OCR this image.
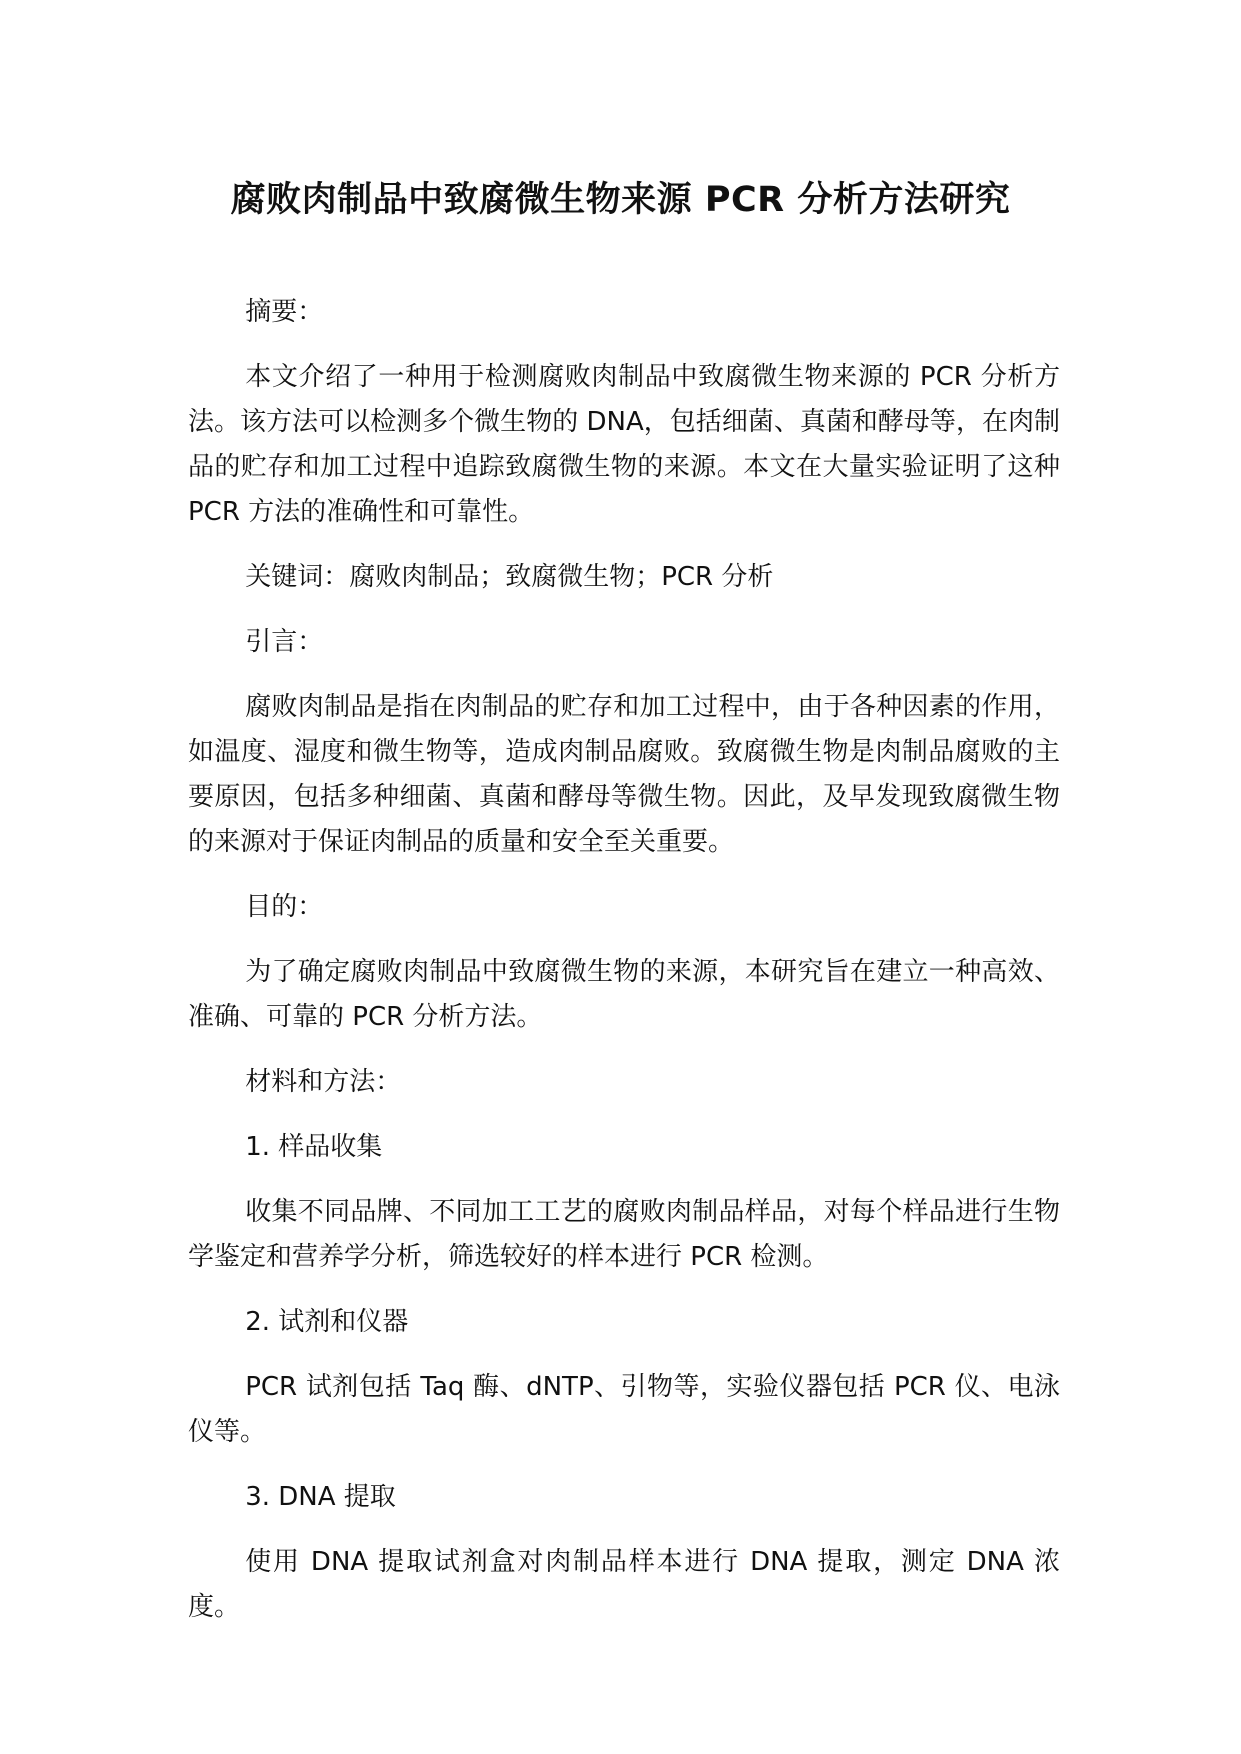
腐败肉制品中致腐微生物来源 PCR 分析方法研究

摘要：

本文介绍了一种用于检测腐败肉制品中致腐微生物来源的 PCR 分析方法。该方法可以检测多个微生物的 DNA，包括细菌、真菌和酵母等，在肉制品的贮存和加工过程中追踪致腐微生物的来源。本文在大量实验证明了这种 PCR 方法的准确性和可靠性。

关键词：腐败肉制品；致腐微生物；PCR 分析

引言：

腐败肉制品是指在肉制品的贮存和加工过程中，由于各种因素的作用，如温度、湿度和微生物等，造成肉制品腐败。致腐微生物是肉制品腐败的主要原因，包括多种细菌、真菌和酵母等微生物。因此，及早发现致腐微生物的来源对于保证肉制品的质量和安全至关重要。

目的：

为了确定腐败肉制品中致腐微生物的来源，本研究旨在建立一种高效、准确、可靠的 PCR 分析方法。

材料和方法：

1. 样品收集

收集不同品牌、不同加工工艺的腐败肉制品样品，对每个样品进行生物学鉴定和营养学分析，筛选较好的样本进行 PCR 检测。

2. 试剂和仪器

PCR 试剂包括 Taq 酶、dNTP、引物等，实验仪器包括 PCR 仪、电泳仪等。

3. DNA 提取

使用 DNA 提取试剂盒对肉制品样本进行 DNA 提取，测定 DNA 浓度。
